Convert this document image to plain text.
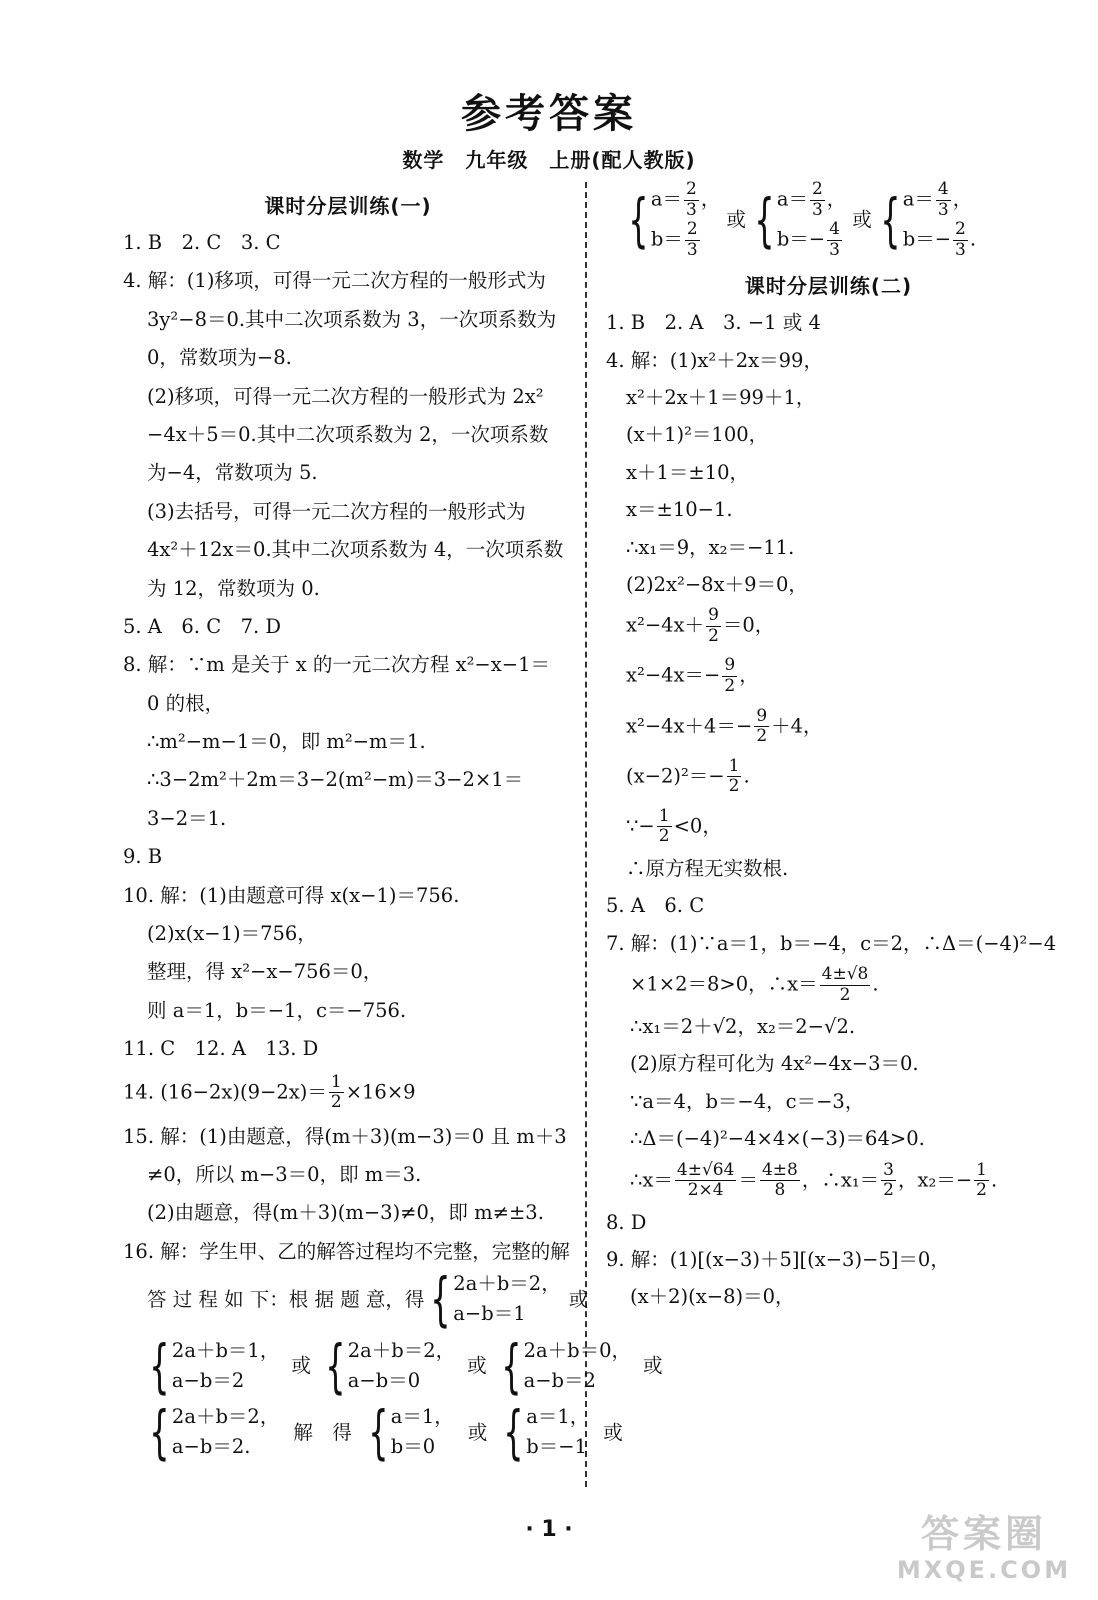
参考答案
数学　九年级　上册(配人教版)
课时分层训练(一)
1. B　2. C　3. C
4. 解：(1)移项，可得一元二次方程的一般形式为
3y²−8＝0.其中二次项系数为 3，一次项系数为
0，常数项为−8.
(2)移项，可得一元二次方程的一般形式为 2x²
−4x＋5＝0.其中二次项系数为 2，一次项系数
为−4，常数项为 5.
(3)去括号，可得一元二次方程的一般形式为
4x²＋12x＝0.其中二次项系数为 4，一次项系数
为 12，常数项为 0.
5. A　6. C　7. D
8. 解：∵m 是关于 x 的一元二次方程 x²−x−1＝
0 的根，
∴m²−m−1＝0，即 m²−m＝1.
∴3−2m²＋2m＝3−2(m²−m)＝3−2×1＝
3−2＝1.
9. B
10. 解：(1)由题意可得 x(x−1)＝756.
(2)x(x−1)＝756，
整理，得 x²−x−756＝0，
则 a＝1，b＝−1，c＝−756.
11. C　12. A　13. D
14. $(16-2x)(9-2x)= \frac{1}{2} \times 16\times 9$
15. 解：(1)由题意，得(m＋3)(m−3)＝0 且 m＋3
≠0，所以 m−3＝0，即 m＝3.
(2)由题意，得(m＋3)(m−3)≠0，即 m≠±3.
16. 解：学生甲、乙的解答过程均不完整，完整的解
答 过 程 如 下：根 据 题 意，得 { 2a＋b＝2，
a−b＝1
或
{ 2a＋b＝1，
a−b＝2
或 { 2a＋b＝2，
a−b＝0
或 { 2a＋b＝0，
a−b＝2
或
{ 2a＋b＝2，
a−b＝2.
解　得 { a＝1，
b＝0
或 { a＝1，
b＝−1
或
{ $a= \frac{2}{3}$ ，
$b= \frac{2}{3}$
或 { $a= \frac{2}{3}$ ，
$b=- \frac{4}{3}$
或 { $a= \frac{4}{3}$ ，
$b=- \frac{2}{3}$ .
课时分层训练(二)
1. B　2. A　3. −1 或 4
4. 解：(1)x²＋2x＝99，
x²＋2x＋1＝99＋1，
(x＋1)²＝100，
x＋1＝±10，
x＝±10−1.
∴x₁＝9，x₂＝−11.
(2)2x²−8x＋9＝0，
$x^2-4x+ \frac{9}{2} =0$，
$x^2-4x=- \frac{9}{2}$ ，
$x^2-4x+4=- \frac{9}{2} +4$，
$(x-2)^2=- \frac{1}{2}$ .
∵− $\frac{1}{2} <0$，
∴原方程无实数根.
5. A　6. C
7. 解：(1)∵a＝1，b＝−4，c＝2，∴Δ＝(−4)²−4
×1×2＝8>0，∴x＝ $\frac{4\pm√8}{2}$ .
∴x₁＝2＋√2，x₂＝2−√2.
(2)原方程可化为 4x²−4x−3＝0.
∵a＝4，b＝−4，c＝−3，
∴Δ＝(−4)²−4×4×(−3)＝64>0.
∴x＝ $\frac{4\pm√64}{2\times 4} = \frac{4\pm 8}{8}$ ，∴x₁＝ $\frac{3}{2}$ ，$x_2=- \frac{1}{2}$ .
8. D
9. 解：(1)[(x−3)＋5][(x−3)−5]＝0，
(x＋2)(x−8)＝0，
· 1 ·	答案圈
MXQE.COM
